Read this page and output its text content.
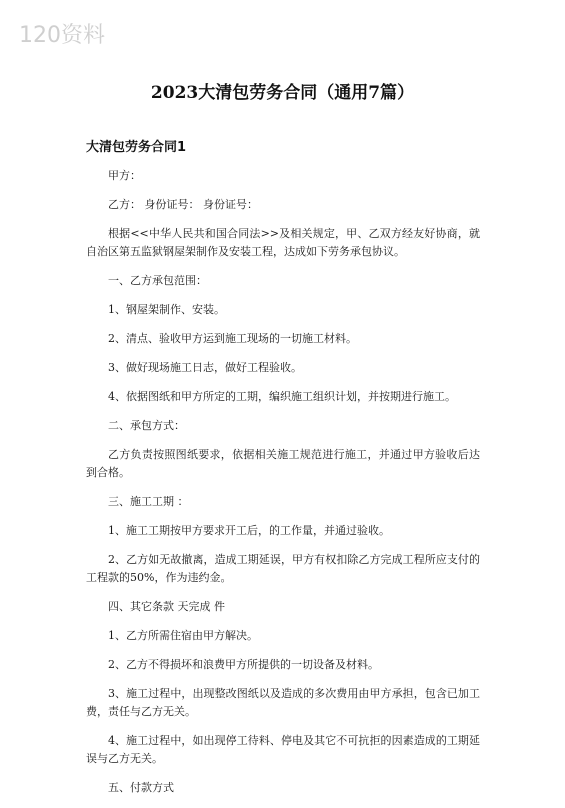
120资料
2023大清包劳务合同（通用7篇）
大清包劳务合同1

甲方：

乙方： 身份证号： 身份证号：

根据<<中华人民共和国合同法>>及相关规定，甲、乙双方经友好协商，就自治区第五监狱钢屋架制作及安装工程，达成如下劳务承包协议。

一、乙方承包范围：

1、钢屋架制作、安装。

2、清点、验收甲方运到施工现场的一切施工材料。

3、做好现场施工日志，做好工程验收。

4、依据图纸和甲方所定的工期，编织施工组织计划，并按期进行施工。

二、承包方式：

乙方负责按照图纸要求，依据相关施工规范进行施工，并通过甲方验收后达到合格。

三、施工工期 ：

1、施工工期按甲方要求开工后，的工作量，并通过验收。

2、乙方如无故撤离，造成工期延误，甲方有权扣除乙方完成工程所应支付的工程款的50%，作为违约金。

四、其它条款 天完成 件

1、乙方所需住宿由甲方解决。

2、乙方不得损坏和浪费甲方所提供的一切设备及材料。

3、施工过程中，出现整改图纸以及造成的多次费用由甲方承担，包含已加工费，责任与乙方无关。

4、施工过程中，如出现停工待料、停电及其它不可抗拒的因素造成的工期延误与乙方无关。

五、付款方式
